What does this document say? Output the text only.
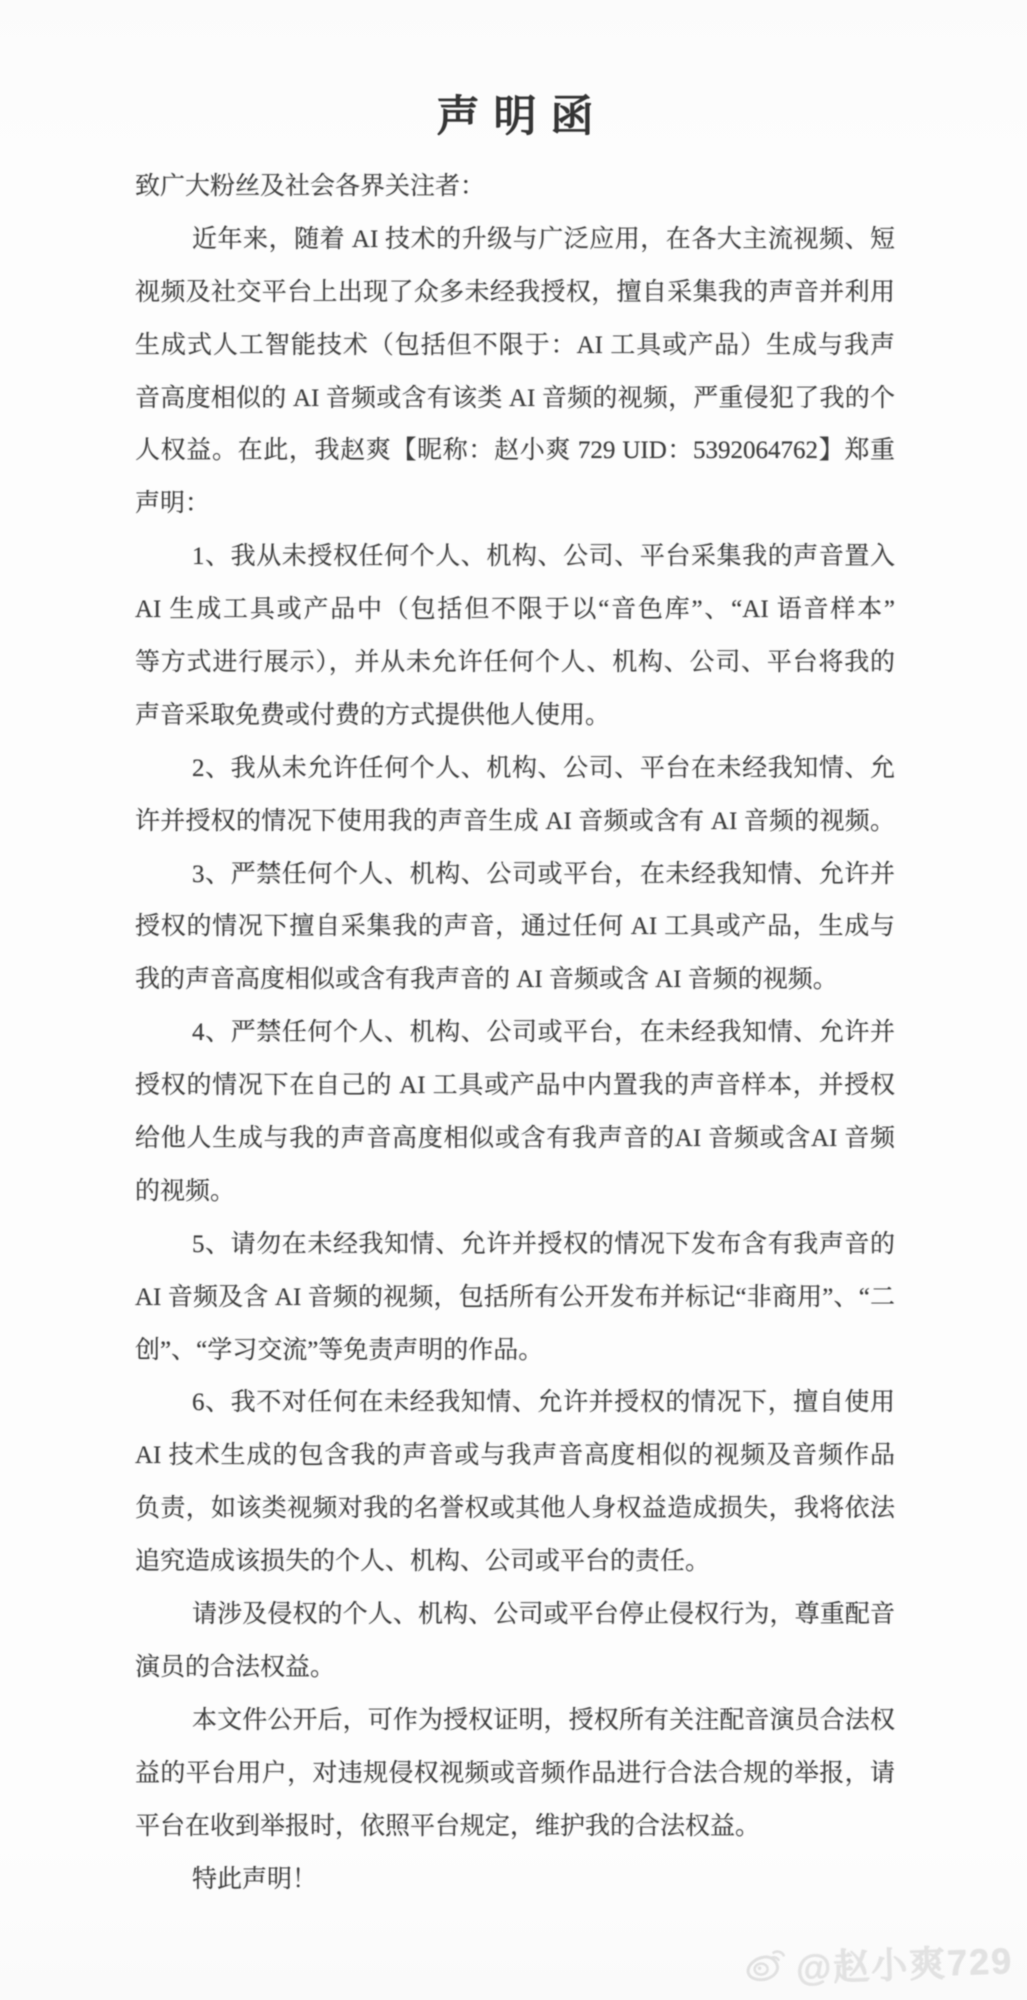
声明函
致广大粉丝及社会各界关注者：
近年来，随着 AI 技术的升级与广泛应用，在各大主流视频、短
视频及社交平台上出现了众多未经我授权，擅自采集我的声音并利用
生成式人工智能技术（包括但不限于：AI 工具或产品）生成与我声
音高度相似的 AI 音频或含有该类 AI 音频的视频，严重侵犯了我的个
人权益。在此，我赵爽【昵称：赵小爽 729 UID：5392064762】郑重
声明：
1、我从未授权任何个人、机构、公司、平台采集我的声音置入
AI 生成工具或产品中（包括但不限于以“音色库”、“AI 语音样本”
等方式进行展示），并从未允许任何个人、机构、公司、平台将我的
声音采取免费或付费的方式提供他人使用。
2、我从未允许任何个人、机构、公司、平台在未经我知情、允
许并授权的情况下使用我的声音生成 AI 音频或含有 AI 音频的视频。
3、严禁任何个人、机构、公司或平台，在未经我知情、允许并
授权的情况下擅自采集我的声音，通过任何 AI 工具或产品，生成与
我的声音高度相似或含有我声音的 AI 音频或含 AI 音频的视频。
4、严禁任何个人、机构、公司或平台，在未经我知情、允许并
授权的情况下在自己的 AI 工具或产品中内置我的声音样本，并授权
给他人生成与我的声音高度相似或含有我声音的AI 音频或含AI 音频
的视频。
5、请勿在未经我知情、允许并授权的情况下发布含有我声音的
AI 音频及含 AI 音频的视频，包括所有公开发布并标记“非商用”、“二
创”、“学习交流”等免责声明的作品。
6、我不对任何在未经我知情、允许并授权的情况下，擅自使用
AI 技术生成的包含我的声音或与我声音高度相似的视频及音频作品
负责，如该类视频对我的名誉权或其他人身权益造成损失，我将依法
追究造成该损失的个人、机构、公司或平台的责任。
请涉及侵权的个人、机构、公司或平台停止侵权行为，尊重配音
演员的合法权益。
本文件公开后，可作为授权证明，授权所有关注配音演员合法权
益的平台用户，对违规侵权视频或音频作品进行合法合规的举报，请
平台在收到举报时，依照平台规定，维护我的合法权益。
特此声明！
@赵小爽729
